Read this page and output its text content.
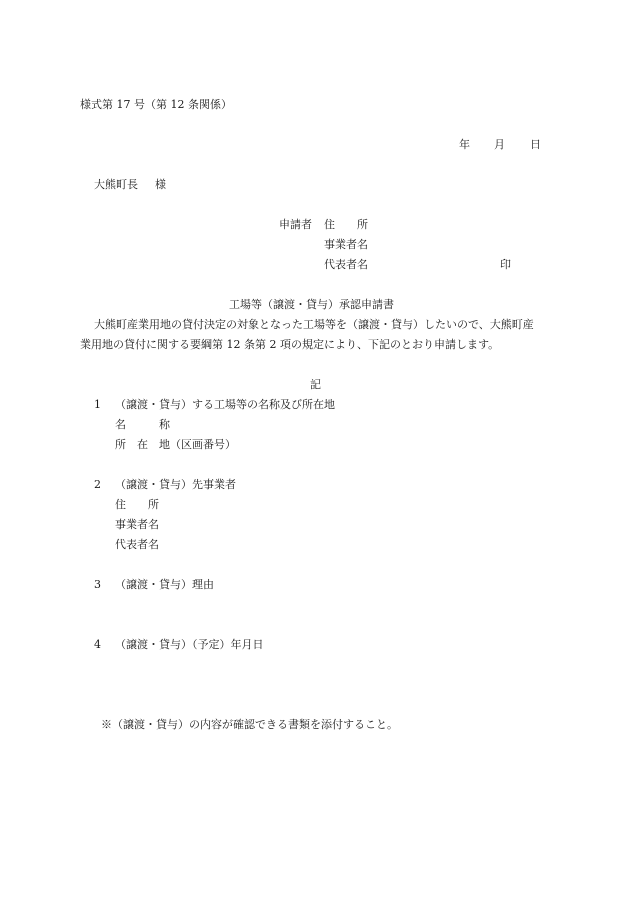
様式第 17 号（第 12 条関係）
年 月 日
大熊町長 様
申請者 住　　所
事業者名
代表者名	印
工場等（譲渡・貸与）承認申請書
大熊町産業用地の貸付決定の対象となった工場等を（譲渡・貸与）したいので、大熊町産
業用地の貸付に関する要綱第 12 条第 2 項の規定により、下記のとおり申請します。
記
1 （譲渡・貸与）する工場等の名称及び所在地
名　　　称
所　在　地（区画番号）
2 （譲渡・貸与）先事業者
住　　所
事業者名
代表者名
3 （譲渡・貸与）理由
4 （譲渡・貸与）（予定）年月日
※（譲渡・貸与）の内容が確認できる書類を添付すること。
